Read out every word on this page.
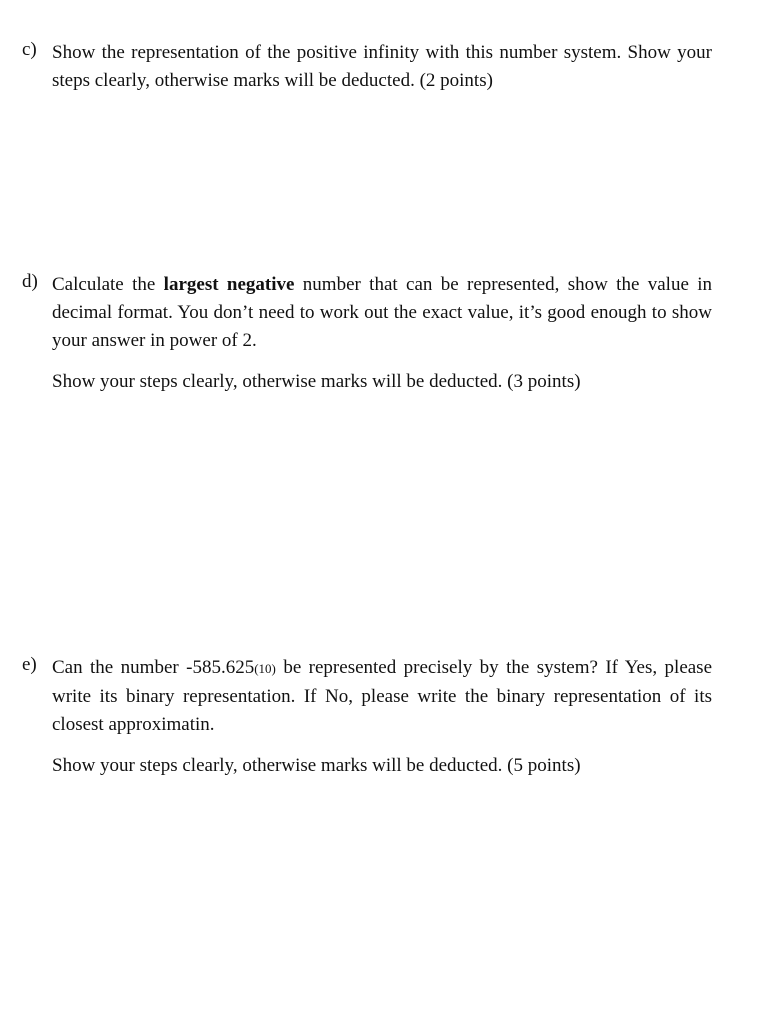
c) Show the representation of the positive infinity with this number system. Show your steps clearly, otherwise marks will be deducted. (2 points)

d) Calculate the largest negative number that can be represented, show the value in decimal format. You don’t need to work out the exact value, it’s good enough to show your answer in power of 2.

Show your steps clearly, otherwise marks will be deducted. (3 points)

e) Can the number -585.625(10) be represented precisely by the system? If Yes, please write its binary representation. If No, please write the binary representation of its closest approximatin.

Show your steps clearly, otherwise marks will be deducted. (5 points)
